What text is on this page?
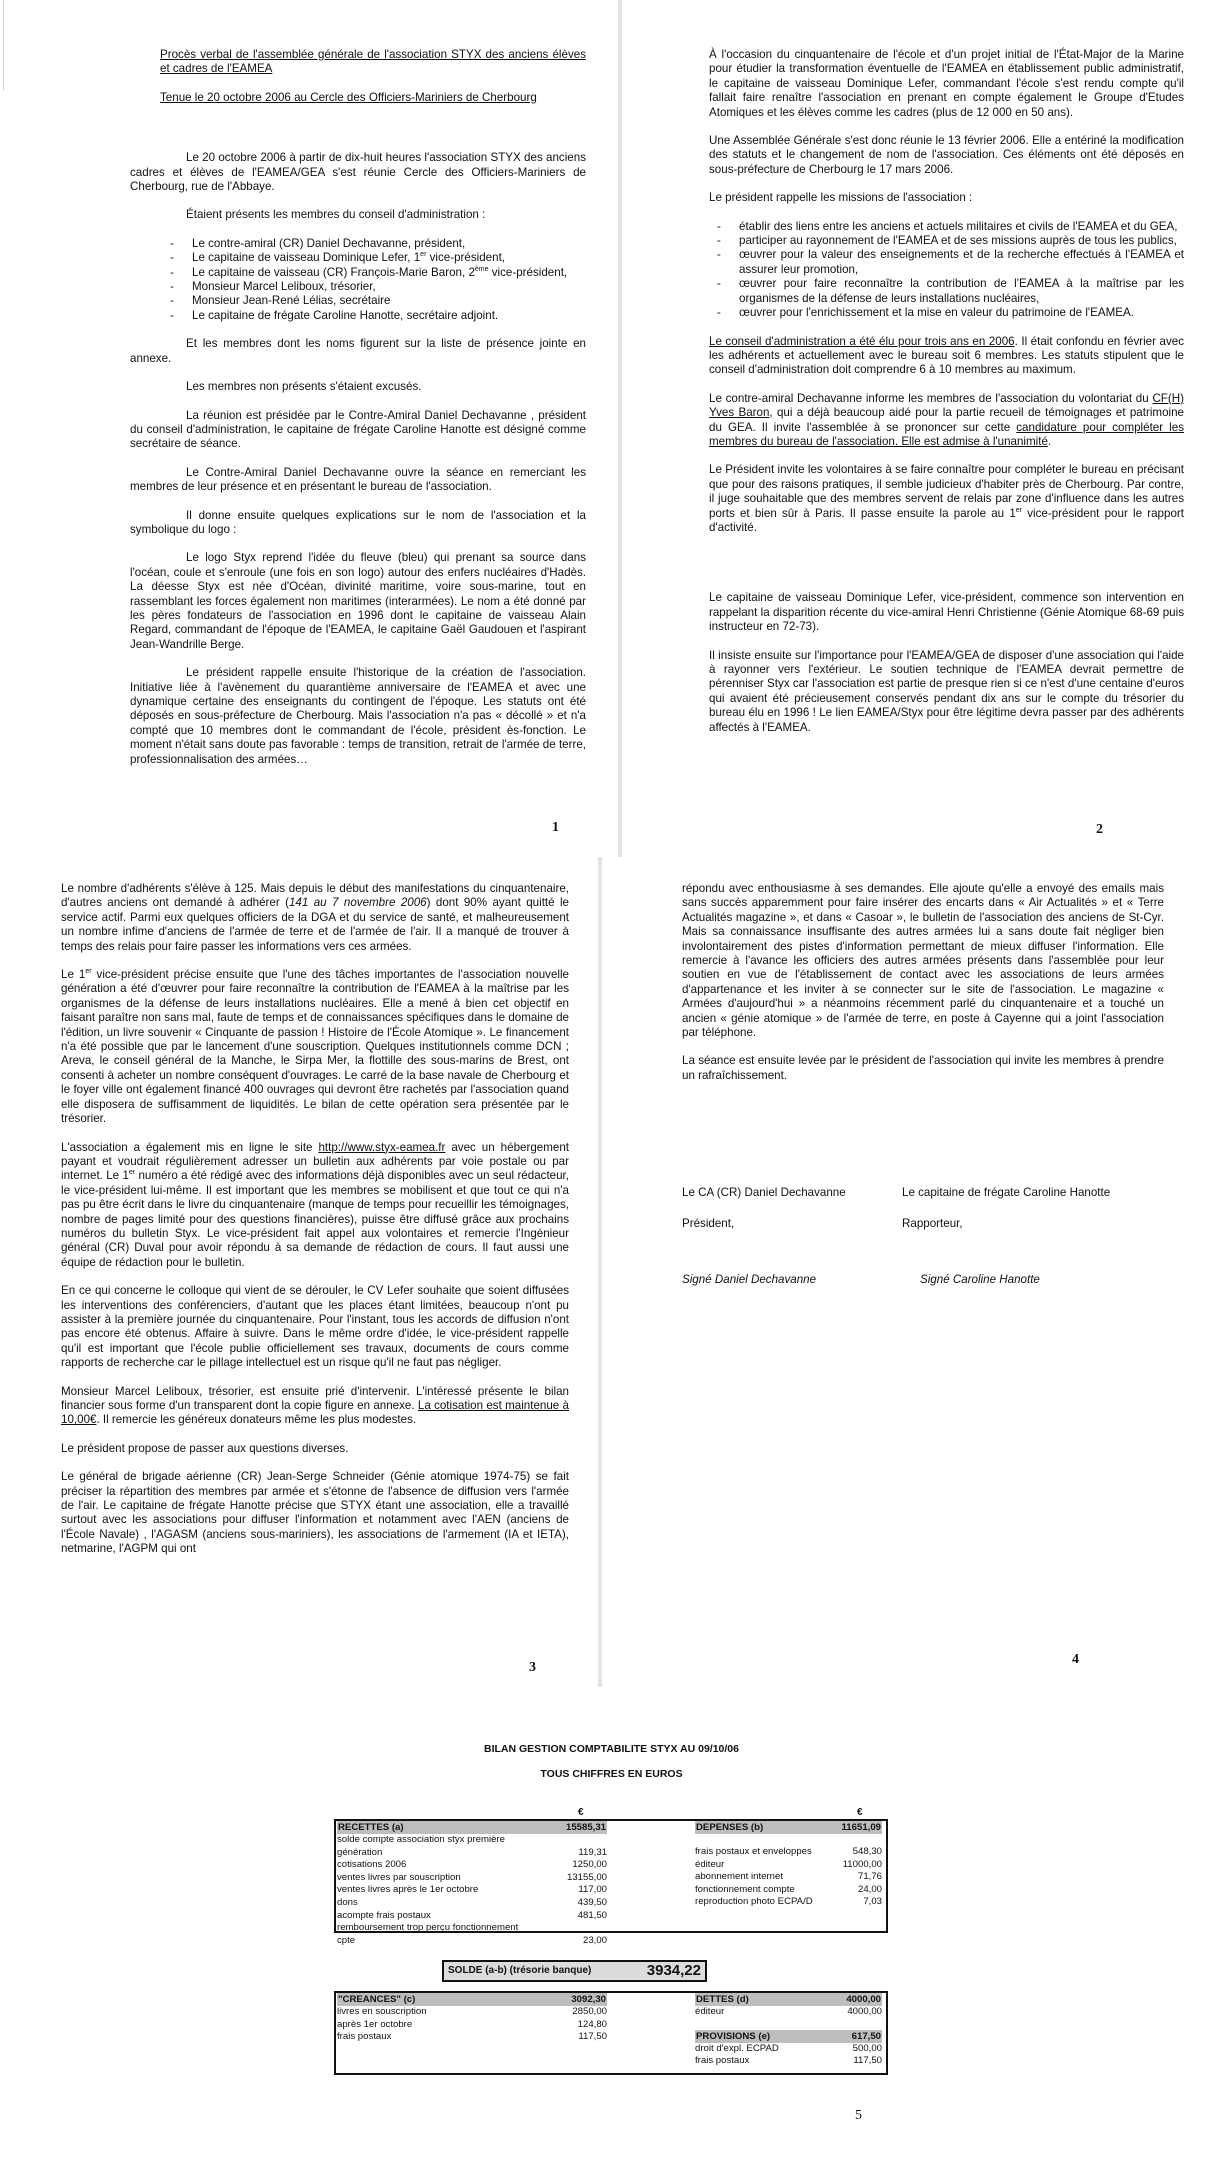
Procès verbal de l'assemblée générale de l'association STYX des anciens élèves et cadres de l'EAMEA

Tenue le 20 octobre 2006 au Cercle des Officiers-Mariniers de Cherbourg

Le 20 octobre 2006 à partir de dix-huit heures l'association STYX des anciens cadres et élèves de l'EAMEA/GEA s'est réunie Cercle des Officiers-Mariniers de Cherbourg, rue de l'Abbaye.

Étaient présents les membres du conseil d'administration :

- Le contre-amiral (CR) Daniel Dechavanne, président,
- Le capitaine de vaisseau Dominique Lefer, 1er vice-président,
- Le capitaine de vaisseau (CR) François-Marie Baron, 2ème vice-président,
- Monsieur Marcel Leliboux, trésorier,
- Monsieur Jean-René Lélias, secrétaire
- Le capitaine de frégate Caroline Hanotte, secrétaire adjoint.

Et les membres dont les noms figurent sur la liste de présence jointe en annexe.

Les membres non présents s'étaient excusés.

La réunion est présidée par le Contre-Amiral Daniel Dechavanne , président du conseil d'administration, le capitaine de frégate Caroline Hanotte est désigné comme secrétaire de séance.

Le Contre-Amiral Daniel Dechavanne ouvre la séance en remerciant les membres de leur présence et en présentant le bureau de l'association.

Il donne ensuite quelques explications sur le nom de l'association et la symbolique du logo :

Le logo Styx reprend l'idée du fleuve (bleu) qui prenant sa source dans l'océan, coule et s'enroule (une fois en son logo) autour des enfers nucléaires d'Hadès. La déesse Styx est née d'Océan, divinité maritime, voire sous-marine, tout en rassemblant les forces également non maritimes (interarmées). Le nom a été donné par les pères fondateurs de l'association en 1996 dont le capitaine de vaisseau Alain Regard, commandant de l'époque de l'EAMEA, le capitaine Gaël Gaudouen et l'aspirant Jean-Wandrille Berge.

Le président rappelle ensuite l'historique de la création de l'association. Initiative liée à l'avènement du quarantième anniversaire de l'EAMEA et avec une dynamique certaine des enseignants du contingent de l'époque. Les statuts ont été déposés en sous-préfecture de Cherbourg. Mais l'association n'a pas « décollé » et n'a compté que 10 membres dont le commandant de l'école, président ès-fonction. Le moment n'était sans doute pas favorable : temps de transition, retrait de l'armée de terre, professionnalisation des armées…

1

À l'occasion du cinquantenaire de l'école et d'un projet initial de l'État-Major de la Marine pour étudier la transformation éventuelle de l'EAMEA en établissement public administratif, le capitaine de vaisseau Dominique Lefer, commandant l'école s'est rendu compte qu'il fallait faire renaître l'association en prenant en compte également le Groupe d'Etudes Atomiques et les élèves comme les cadres (plus de 12 000 en 50 ans).

Une Assemblée Générale s'est donc réunie le 13 février 2006. Elle a entériné la modification des statuts et le changement de nom de l'association. Ces éléments ont été déposés en sous-préfecture de Cherbourg le 17 mars 2006.

Le président rappelle les missions de l'association :

- établir des liens entre les anciens et actuels militaires et civils de l'EAMEA et du GEA,
- participer au rayonnement de l'EAMEA et de ses missions auprès de tous les publics,
- œuvrer pour la valeur des enseignements et de la recherche effectués à l'EAMEA et assurer leur promotion,
- œuvrer pour faire reconnaître la contribution de l'EAMEA à la maîtrise par les organismes de la défense de leurs installations nucléaires,
- œuvrer pour l'enrichissement et la mise en valeur du patrimoine de l'EAMEA.

Le conseil d'administration a été élu pour trois ans en 2006. Il était confondu en février avec les adhérents et actuellement avec le bureau soit 6 membres. Les statuts stipulent que le conseil d'administration doit comprendre 6 à 10 membres au maximum.

Le contre-amiral Dechavanne informe les membres de l'association du volontariat du CF(H) Yves Baron, qui a déjà beaucoup aidé pour la partie recueil de témoignages et patrimoine du GEA. Il invite l'assemblée à se prononcer sur cette candidature pour compléter les membres du bureau de l'association. Elle est admise à l'unanimité.

Le Président invite les volontaires à se faire connaître pour compléter le bureau en précisant que pour des raisons pratiques, il semble judicieux d'habiter près de Cherbourg. Par contre, il juge souhaitable que des membres servent de relais par zone d'influence dans les autres ports et bien sûr à Paris. Il passe ensuite la parole au 1er vice-président pour le rapport d'activité.

Le capitaine de vaisseau Dominique Lefer, vice-président, commence son intervention en rappelant la disparition récente du vice-amiral Henri Christienne (Génie Atomique 68-69 puis instructeur en 72-73).

Il insiste ensuite sur l'importance pour l'EAMEA/GEA de disposer d'une association qui l'aide à rayonner vers l'extérieur. Le soutien technique de l'EAMEA devrait permettre de pérenniser Styx car l'association est partie de presque rien si ce n'est d'une centaine d'euros qui avaient été précieusement conservés pendant dix ans sur le compte du trésorier du bureau élu en 1996 ! Le lien EAMEA/Styx pour être légitime devra passer par des adhérents affectés à l'EAMEA.

2

Le nombre d'adhérents s'élève à 125. Mais depuis le début des manifestations du cinquantenaire, d'autres anciens ont demandé à adhérer (141 au 7 novembre 2006) dont 90% ayant quitté le service actif. Parmi eux quelques officiers de la DGA et du service de santé, et malheureusement un nombre infime d'anciens de l'armée de terre et de l'armée de l'air. Il a manqué de trouver à temps des relais pour faire passer les informations vers ces armées.

Le 1er vice-président précise ensuite que l'une des tâches importantes de l'association nouvelle génération a été d'œuvrer pour faire reconnaître la contribution de l'EAMEA à la maîtrise par les organismes de la défense de leurs installations nucléaires. Elle a mené à bien cet objectif en faisant paraître non sans mal, faute de temps et de connaissances spécifiques dans le domaine de l'édition, un livre souvenir « Cinquante de passion ! Histoire de l'École Atomique ». Le financement n'a été possible que par le lancement d'une souscription. Quelques institutionnels comme DCN ; Areva, le conseil général de la Manche, le Sirpa Mer, la flottille des sous-marins de Brest, ont consenti à acheter un nombre conséquent d'ouvrages. Le carré de la base navale de Cherbourg et le foyer ville ont également financé 400 ouvrages qui devront être rachetés par l'association quand elle disposera de suffisamment de liquidités. Le bilan de cette opération sera présentée par le trésorier.

L'association a également mis en ligne le site http://www.styx-eamea.fr avec un hébergement payant et voudrait régulièrement adresser un bulletin aux adhérents par voie postale ou par internet. Le 1er numéro a été rédigé avec des informations déjà disponibles avec un seul rédacteur, le vice-président lui-même. Il est important que les membres se mobilisent et que tout ce qui n'a pas pu être écrit dans le livre du cinquantenaire (manque de temps pour recueillir les témoignages, nombre de pages limité pour des questions financières), puisse être diffusé grâce aux prochains numéros du bulletin Styx. Le vice-président fait appel aux volontaires et remercie l'Ingénieur général (CR) Duval pour avoir répondu à sa demande de rédaction de cours. Il faut aussi une équipe de rédaction pour le bulletin.

En ce qui concerne le colloque qui vient de se dérouler, le CV Lefer souhaite que soient diffusées les interventions des conférenciers, d'autant que les places étant limitées, beaucoup n'ont pu assister à la première journée du cinquantenaire. Pour l'instant, tous les accords de diffusion n'ont pas encore été obtenus. Affaire à suivre. Dans le même ordre d'idée, le vice-président rappelle qu'il est important que l'école publie officiellement ses travaux, documents de cours comme rapports de recherche car le pillage intellectuel est un risque qu'il ne faut pas négliger.

Monsieur Marcel Leliboux, trésorier, est ensuite prié d'intervenir. L'intéressé présente le bilan financier sous forme d'un transparent dont la copie figure en annexe. La cotisation est maintenue à 10,00€. Il remercie les généreux donateurs même les plus modestes.

Le président propose de passer aux questions diverses.

Le général de brigade aérienne (CR) Jean-Serge Schneider (Génie atomique 1974-75) se fait préciser la répartition des membres par armée et s'étonne de l'absence de diffusion vers l'armée de l'air. Le capitaine de frégate Hanotte précise que STYX étant une association, elle a travaillé surtout avec les associations pour diffuser l'information et notamment avec l'AEN (anciens de l'École Navale) , l'AGASM (anciens sous-mariniers), les associations de l'armement (IA et IETA), netmarine, l'AGPM qui ont

3

répondu avec enthousiasme à ses demandes. Elle ajoute qu'elle a envoyé des emails mais sans succès apparemment pour faire insérer des encarts dans « Air Actualités » et « Terre Actualités magazine », et dans « Casoar », le bulletin de l'association des anciens de St-Cyr. Mais sa connaissance insuffisante des autres armées lui a sans doute fait négliger bien involontairement des pistes d'information permettant de mieux diffuser l'information. Elle remercie à l'avance les officiers des autres armées présents dans l'assemblée pour leur soutien en vue de l'établissement de contact avec les associations de leurs armées d'appartenance et les inviter à se connecter sur le site de l'association. Le magazine « Armées d'aujourd'hui » a néanmoins récemment parlé du cinquantenaire et a touché un ancien « génie atomique » de l'armée de terre, en poste à Cayenne qui a joint l'association par téléphone.

La séance est ensuite levée par le président de l'association qui invite les membres à prendre un rafraîchissement.

Le CA (CR) Daniel Dechavanne
Président,
Signé Daniel Dechavanne
Le capitaine de frégate Caroline Hanotte
Rapporteur,
Signé Caroline Hanotte
4
BILAN GESTION COMPTABILITE STYX AU 09/10/06
TOUS CHIFFRES EN EUROS
€	€
RECETTES (a)	15585,31
solde compte association styx première
génération	119,31
cotisations 2006	1250,00
ventes livres par souscription	13155,00
ventes livres après le 1er octobre	117,00
dons	439,50
acompte frais postaux	481,50
remboursement trop perçu fonctionnement
cpte	23,00
DEPENSES (b)	11651,09
frais postaux et enveloppes	548,30
éditeur	11000,00
abonnement internet	71,76
fonctionnement compte	24,00
reproduction photo ECPA/D	7,03
SOLDE (a-b) (trésorie banque)	3934,22
"CREANCES" (c)	3092,30
livres en souscription	2850,00
après 1er octobre	124,80
frais postaux	117,50
DETTES (d)	4000,00
éditeur	4000,00
PROVISIONS (e)	617,50
droit d'expl. ECPAD	500,00
frais postaux	117,50
5
